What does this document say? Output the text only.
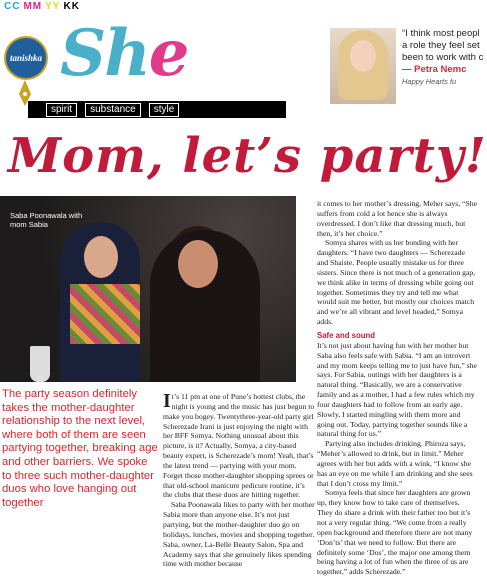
CC MM YY KK
tanishka She
spirit	substance	style
“I think most peopl
a role they feel set
been to work with c
— Petra Nemc
Happy Hearts fu
Mom, let’s party!
Saba Poonawala with
mom Sabia
The party season definitely takes the mother-daughter relationship to the next level, where both of them are seen partying together, breaking age and other barriers. We spoke to three such mother-daughter duos who love hanging out together

It’s 11 pm at one of Pune’s hottest clubs, the night is young and the music has just begun to make you bogey. Twentythree-year-old party girl Scherezade Irani is just enjoying the night with her BFF Somya. Nothing unusual about this picture, is it? Actually, Somya, a city-based beauty expert, is Scherezade’s mom! Yeah, that’s the latest trend — partying with your mom. Forget those mother-daughter shopping sprees or that old-school manicure pedicure routine, it’s the clubs that these duos are hitting together.

Saba Poonawala likes to party with her mother Sabia more than anyone else. It’s not just partying, but the mother-daughter duo go on holidays, lunches, movies and shopping together. Saba, owner, La-Belle Beauty Salon, Spa and Academy says that she genuinely likes spending time with mother because

it comes to her mother’s dressing, Meher says, “She suffers from cold a lot hence she is always overdressed. I don’t like that dressing much, but then, it’s her choice.”

Somya shares with us her bonding with her daughters. “I have two daughters — Scherezade and Shaiste. People usually mistake us for three sisters. Since there is not much of a generation gap, we think alike in terms of dressing while going out together. Sometimes they try and tell me what would suit me better, but mostly our choices match and we’re all vibrant and level headed,” Somya adds.

Safe and sound

It’s not just about having fun with her mother but Saba also feels safe with Sabia. “I am an introvert and my mom keeps telling me to just have fun,” she says. For Sabia, outings with her daughters is a natural thing. “Basically, we are a conservative family and as a mother, I had a few rules which my four daughters had to follow from an early age. Slowly, I started mingling with them more and going out. Today, partying together sounds like a natural thing for us.”

Partying also includes drinking. Phiroza says, “Meher’s allowed to drink, but in limit.” Meher agrees with her but adds with a wink, “I know she has an eye on me while I am drinking and she sees that I don’t cross my limit.”

Somya feels that since her daughters are grown up, they know how to take care of themselves. They do share a drink with their father too but it’s not a very regular thing. “We come from a really open background and therefore there are not many ‘Don’ts’ that we need to follow. But there are definitely some ‘Dos’, the major one among them being having a lot of fun when the three of us are together,” adds Scherezade.”
